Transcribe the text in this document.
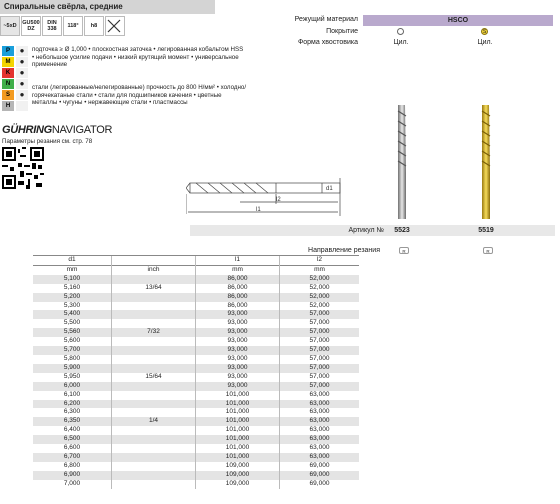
Спиральные свёрла, средние
~5xD	GU500
DZ
DIN
338	118°	h8
Режущий материал	HSCO
Покрытие	S
Форма хвостовика	Цил.	Цил.
P	●
M	●
K	●
N	●
S	●
H
подточка ≥ Ø 1,000 • плоскостная заточка • легированная кобальтом HSS • небольшое усилие подачи • низкий крутящий момент • универсальное применение
стали (легированные/нелегированные) прочность до 800 Н/мм² • холодно/горячекатаные стали • стали для подшипников качения • цветные металлы • чугуны • нержавеющие стали • пластмассы
GÜHRINGNAVIGATOR
Параметры резания см. стр. 78
l2
l1
d1
Артикул №	5523	5519
Направление резания	R	R
d1		l1	l2
mm	inch	mm	mm
5,100		86,000	52,000
5,160	13/64	86,000	52,000
5,200		86,000	52,000
5,300		86,000	52,000
5,400		93,000	57,000
5,500		93,000	57,000
5,560	7/32	93,000	57,000
5,600		93,000	57,000
5,700		93,000	57,000
5,800		93,000	57,000
5,900		93,000	57,000
5,950	15/64	93,000	57,000
6,000		93,000	57,000
6,100		101,000	63,000
6,200		101,000	63,000
6,300		101,000	63,000
6,350	1/4	101,000	63,000
6,400		101,000	63,000
6,500		101,000	63,000
6,600		101,000	63,000
6,700		101,000	63,000
6,800		109,000	69,000
6,900		109,000	69,000
7,000		109,000	69,000
